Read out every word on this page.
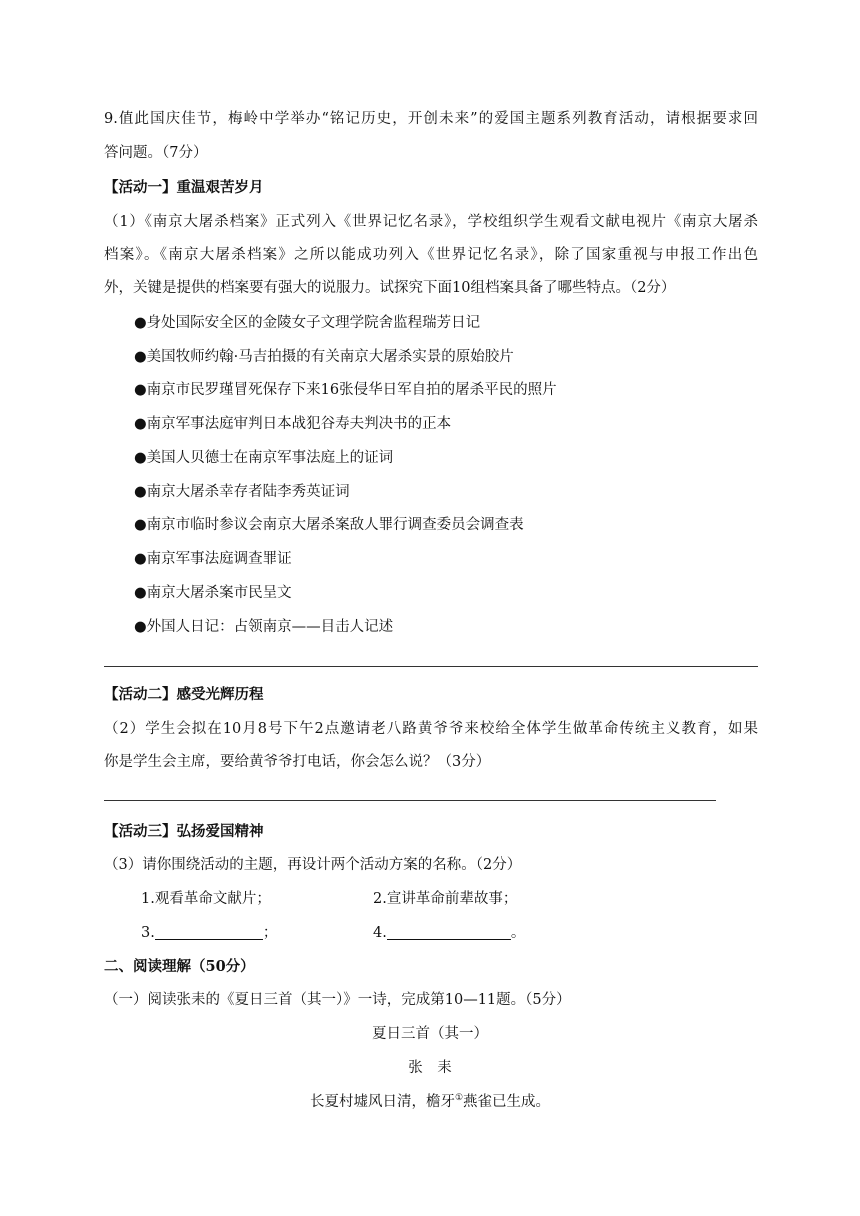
9.值此国庆佳节，梅岭中学举办“铭记历史，开创未来”的爱国主题系列教育活动，请根据要求回
答问题。（7分）
【活动一】重温艰苦岁月
（1）《南京大屠杀档案》正式列入《世界记忆名录》，学校组织学生观看文献电视片《南京大屠杀
档案》。《南京大屠杀档案》之所以能成功列入《世界记忆名录》，除了国家重视与申报工作出色
外，关键是提供的档案要有强大的说服力。试探究下面10组档案具备了哪些特点。（2分）
●身处国际安全区的金陵女子文理学院舍监程瑞芳日记
●美国牧师约翰·马吉拍摄的有关南京大屠杀实景的原始胶片
●南京市民罗瑾冒死保存下来16张侵华日军自拍的屠杀平民的照片
●南京军事法庭审判日本战犯谷寿夫判决书的正本
●美国人贝德士在南京军事法庭上的证词
●南京大屠杀幸存者陆李秀英证词
●南京市临时参议会南京大屠杀案敌人罪行调查委员会调查表
●南京军事法庭调查罪证
●南京大屠杀案市民呈文
●外国人日记：占领南京——目击人记述
【活动二】感受光辉历程
（2）学生会拟在10月8号下午2点邀请老八路黄爷爷来校给全体学生做革命传统主义教育，如果
你是学生会主席，要给黄爷爷打电话，你会怎么说？（3分）
【活动三】弘扬爱国精神
（3）请你围绕活动的主题，再设计两个活动方案的名称。（2分）
1.观看革命文献片；	2.宣讲革命前辈故事；
3.	；	4.	。
二、阅读理解（50分）
（一）阅读张耒的《夏日三首（其一）》一诗，完成第10—11题。（5分）
夏日三首（其一）
张　耒
长夏村墟风日清，檐牙①燕雀已生成。
